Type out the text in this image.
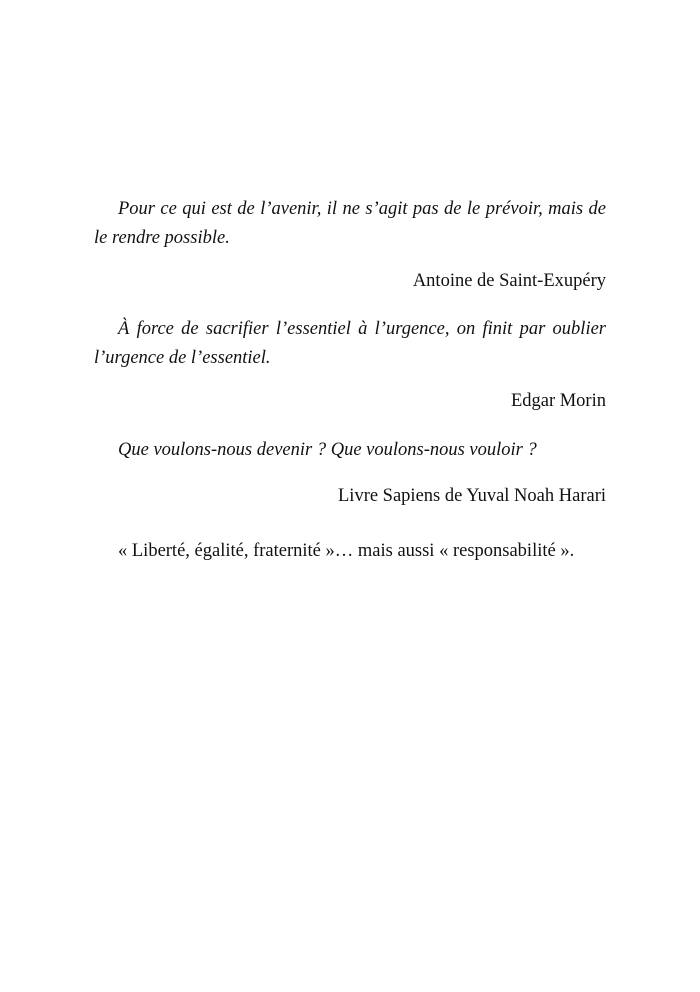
Pour ce qui est de l’avenir, il ne s’agit pas de le prévoir, mais de le rendre possible.

Antoine de Saint-Exupéry

À force de sacrifier l’essentiel à l’urgence, on finit par oublier l’urgence de l’essentiel.

Edgar Morin

Que voulons-nous devenir ? Que voulons-nous vouloir ?

Livre Sapiens de Yuval Noah Harari

« Liberté, égalité, fraternité »… mais aussi « responsabilité ».
